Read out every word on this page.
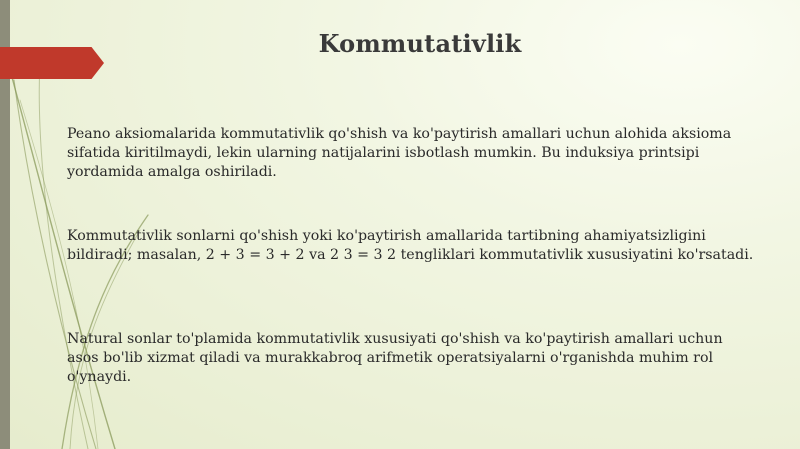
Kommutativlik

Peano aksiomalarida kommutativlik qo'shish va ko'paytirish amallari uchun alohida aksioma sifatida kiritilmaydi, lekin ularning natijalarini isbotlash mumkin. Bu induksiya printsipi yordamida amalga oshiriladi.

Kommutativlik sonlarni qo'shish yoki ko'paytirish amallarida tartibning ahamiyatsizligini bildiradi; masalan, 2 + 3 = 3 + 2 va 2 3 = 3 2 tengliklari kommutativlik xususiyatini ko'rsatadi.

Natural sonlar to'plamida kommutativlik xususiyati qo'shish va ko'paytirish amallari uchun asos bo'lib xizmat qiladi va murakkabroq arifmetik operatsiyalarni o'rganishda muhim rol o'ynaydi.
